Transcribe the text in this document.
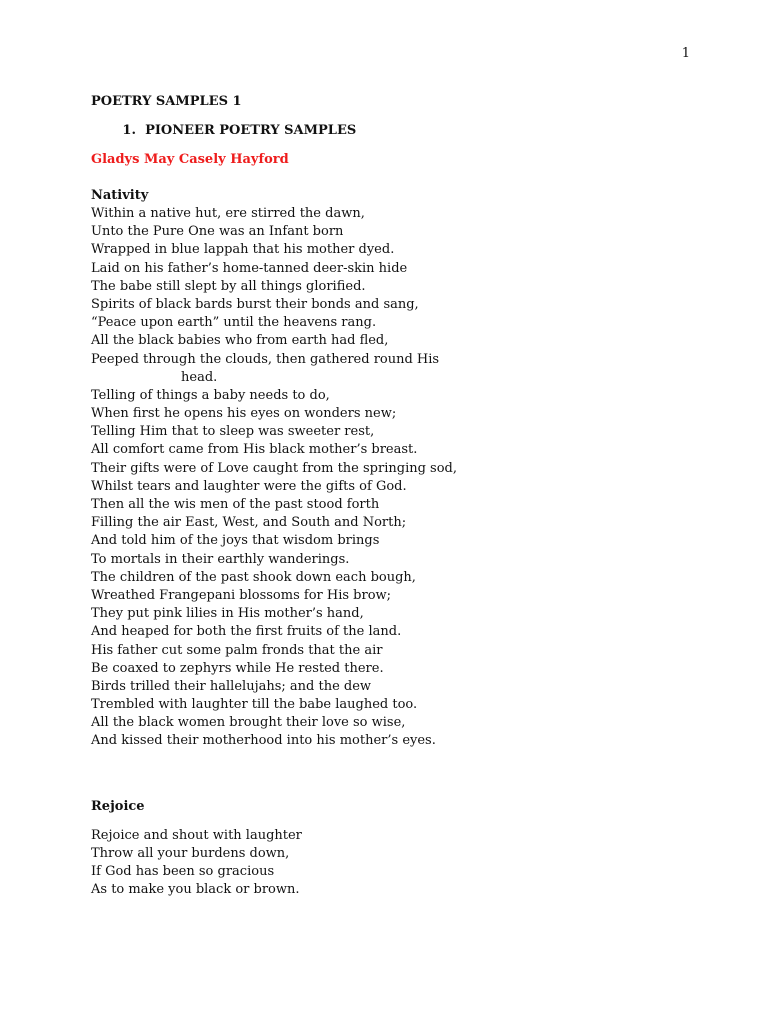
1
POETRY SAMPLES 1
1. PIONEER POETRY SAMPLES
Gladys May Casely Hayford
Nativity
Within a native hut, ere stirred the dawn,
Unto the Pure One was an Infant born
Wrapped in blue lappah that his mother dyed.
Laid on his father’s home-tanned deer-skin hide
The babe still slept by all things glorified.
Spirits of black bards burst their bonds and sang,
“Peace upon earth” until the heavens rang.
All the black babies who from earth had fled,
Peeped through the clouds, then gathered round His
head.
Telling of things a baby needs to do,
When first he opens his eyes on wonders new;
Telling Him that to sleep was sweeter rest,
All comfort came from His black mother’s breast.
Their gifts were of Love caught from the springing sod,
Whilst tears and laughter were the gifts of God.
Then all the wis men of the past stood forth
Filling the air East, West, and South and North;
And told him of the joys that wisdom brings
To mortals in their earthly wanderings.
The children of the past shook down each bough,
Wreathed Frangepani blossoms for His brow;
They put pink lilies in His mother’s hand,
And heaped for both the first fruits of the land.
His father cut some palm fronds that the air
Be coaxed to zephyrs while He rested there.
Birds trilled their hallelujahs; and the dew
Trembled with laughter till the babe laughed too.
All the black women brought their love so wise,
And kissed their motherhood into his mother’s eyes.
Rejoice
Rejoice and shout with laughter
Throw all your burdens down,
If God has been so gracious
As to make you black or brown.
